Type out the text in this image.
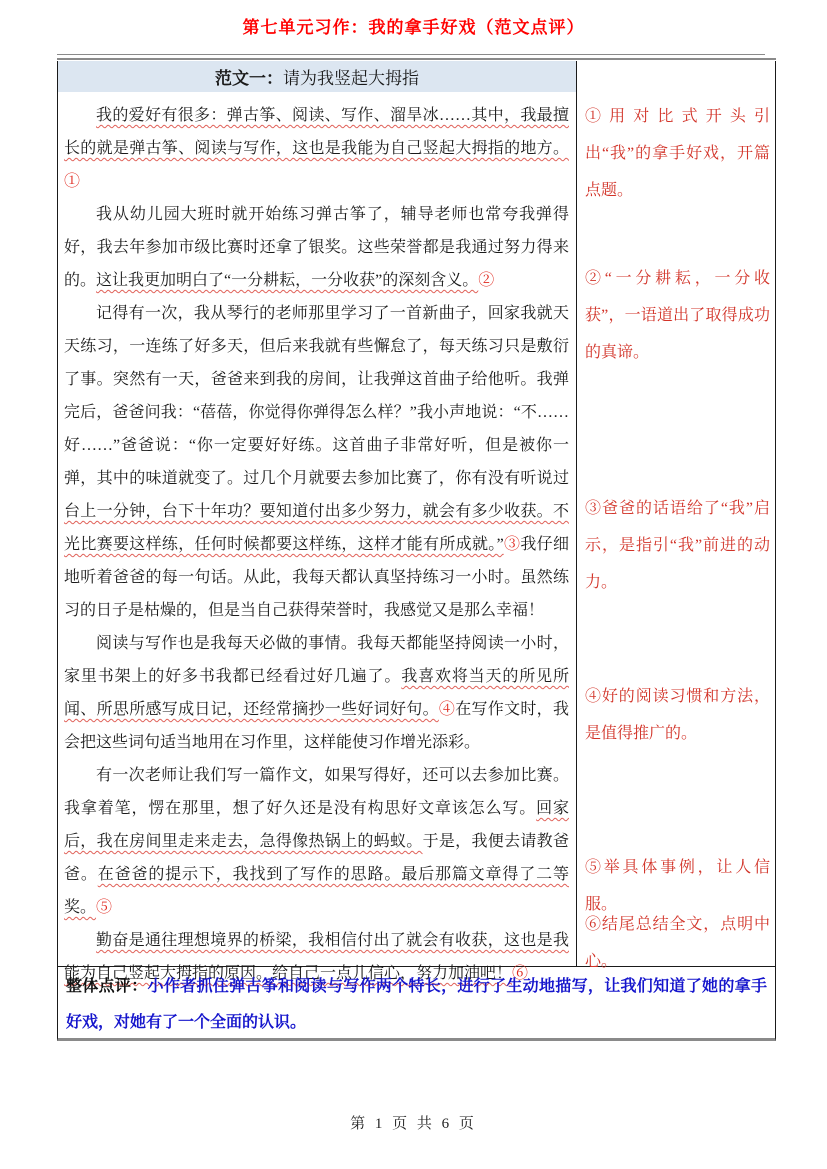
第七单元习作：我的拿手好戏（范文点评）
范文一： 请为我竖起大拇指

我的爱好有很多：弹古筝、阅读、写作、溜旱冰……其中，我最擅长的就是弹古筝、阅读与写作，这也是我能为自己竖起大拇指的地方。①

我从幼儿园大班时就开始练习弹古筝了，辅导老师也常夸我弹得好，我去年参加市级比赛时还拿了银奖。这些荣誉都是我通过努力得来的。这让我更加明白了“一分耕耘，一分收获”的深刻含义。②

记得有一次，我从琴行的老师那里学习了一首新曲子，回家我就天天练习，一连练了好多天，但后来我就有些懈怠了，每天练习只是敷衍了事。突然有一天，爸爸来到我的房间，让我弹这首曲子给他听。我弹完后，爸爸问我：“蓓蓓，你觉得你弹得怎么样？”我小声地说：“不……好……”爸爸说：“你一定要好好练。这首曲子非常好听，但是被你一弹，其中的味道就变了。过几个月就要去参加比赛了，你有没有听说过台上一分钟，台下十年功？要知道付出多少努力，就会有多少收获。不光比赛要这样练，任何时候都要这样练，这样才能有所成就。”③我仔细地听着爸爸的每一句话。从此，我每天都认真坚持练习一小时。虽然练习的日子是枯燥的，但是当自己获得荣誉时，我感觉又是那么幸福！

阅读与写作也是我每天必做的事情。我每天都能坚持阅读一小时，家里书架上的好多书我都已经看过好几遍了。我喜欢将当天的所见所闻、所思所感写成日记，还经常摘抄一些好词好句。④在写作文时，我会把这些词句适当地用在习作里，这样能使习作增光添彩。

有一次老师让我们写一篇作文，如果写得好，还可以去参加比赛。我拿着笔，愣在那里，想了好久还是没有构思好文章该怎么写。回家后，我在房间里走来走去，急得像热锅上的蚂蚁。于是，我便去请教爸爸。在爸爸的提示下，我找到了写作的思路。最后那篇文章得了二等奖。⑤

勤奋是通往理想境界的桥梁，我相信付出了就会有收获，这也是我能为自己竖起大拇指的原因。给自己一点儿信心，努力加油吧！⑥

①用对比式开头引出“我”的拿手好戏，开篇点题。
②“一分耕耘，一分收获”，一语道出了取得成功的真谛。
③爸爸的话语给了“我”启示，是指引“我”前进的动力。
④好的阅读习惯和方法，是值得推广的。
⑤举具体事例，让人信服。
⑥结尾总结全文，点明中心。
整体点评：小作者抓住弹古筝和阅读与写作两个特长，进行了生动地描写，让我们知道了她的拿手好戏，对她有了一个全面的认识。
第 1 页 共 6 页
